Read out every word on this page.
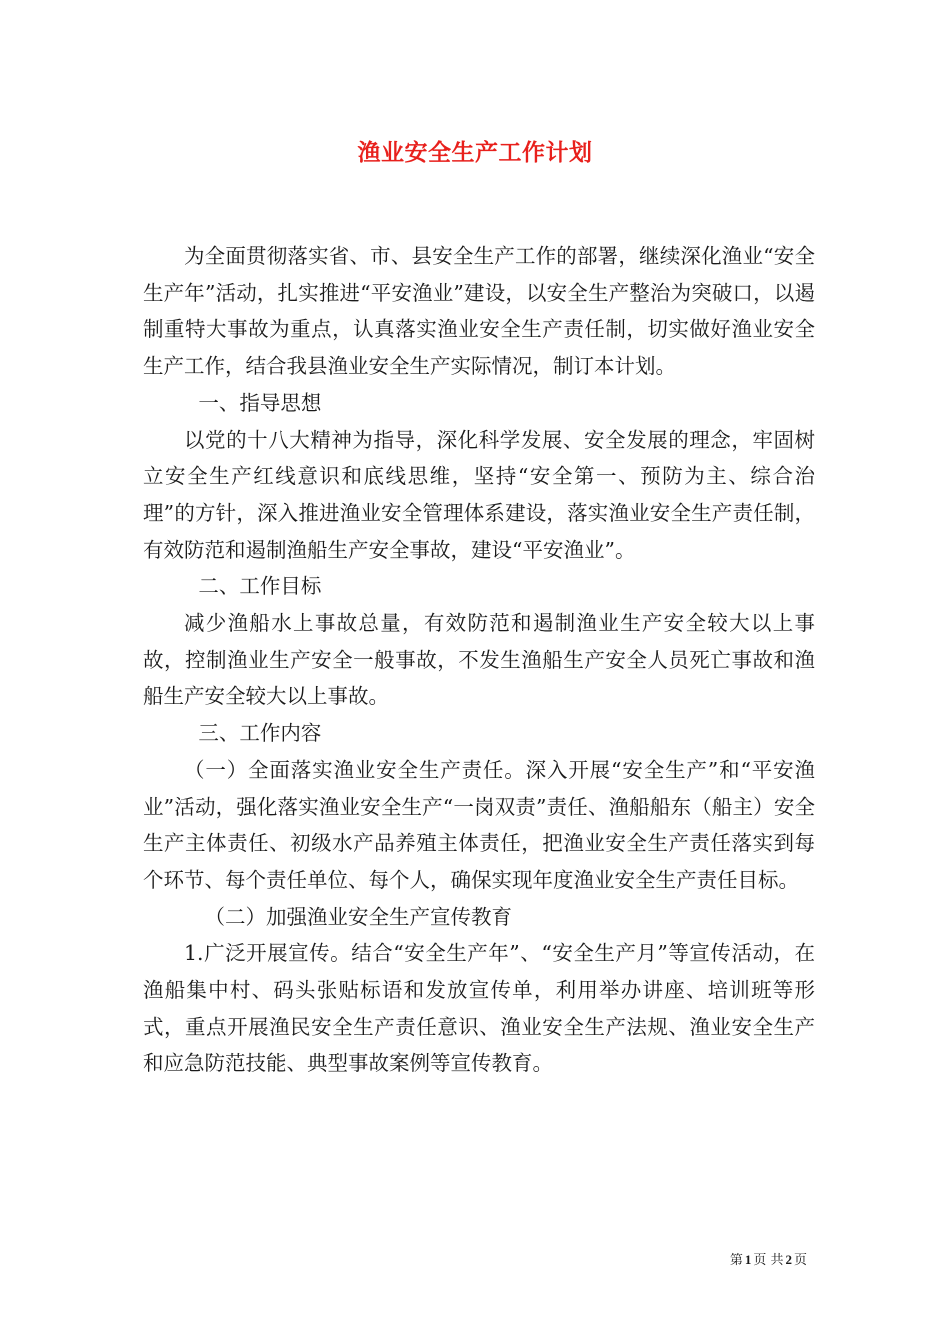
渔业安全生产工作计划

为全面贯彻落实省、市、县安全生产工作的部署，继续深化渔业“安全生产年”活动，扎实推进“平安渔业”建设，以安全生产整治为突破口，以遏制重特大事故为重点，认真落实渔业安全生产责任制，切实做好渔业安全生产工作，结合我县渔业安全生产实际情况，制订本计划。

一、指导思想

以党的十八大精神为指导，深化科学发展、安全发展的理念，牢固树立安全生产红线意识和底线思维，坚持“安全第一、预防为主、综合治理”的方针，深入推进渔业安全管理体系建设，落实渔业安全生产责任制，有效防范和遏制渔船生产安全事故，建设“平安渔业”。

二、工作目标

减少渔船水上事故总量，有效防范和遏制渔业生产安全较大以上事故，控制渔业生产安全一般事故，不发生渔船生产安全人员死亡事故和渔船生产安全较大以上事故。

三、工作内容

（一）全面落实渔业安全生产责任。深入开展“安全生产”和“平安渔业”活动，强化落实渔业安全生产“一岗双责”责任、渔船船东（船主）安全生产主体责任、初级水产品养殖主体责任，把渔业安全生产责任落实到每个环节、每个责任单位、每个人，确保实现年度渔业安全生产责任目标。

（二）加强渔业安全生产宣传教育

1.广泛开展宣传。结合“安全生产年”、“安全生产月”等宣传活动，在渔船集中村、码头张贴标语和发放宣传单，利用举办讲座、培训班等形式，重点开展渔民安全生产责任意识、渔业安全生产法规、渔业安全生产和应急防范技能、典型事故案例等宣传教育。

第 1 页 共 2 页
